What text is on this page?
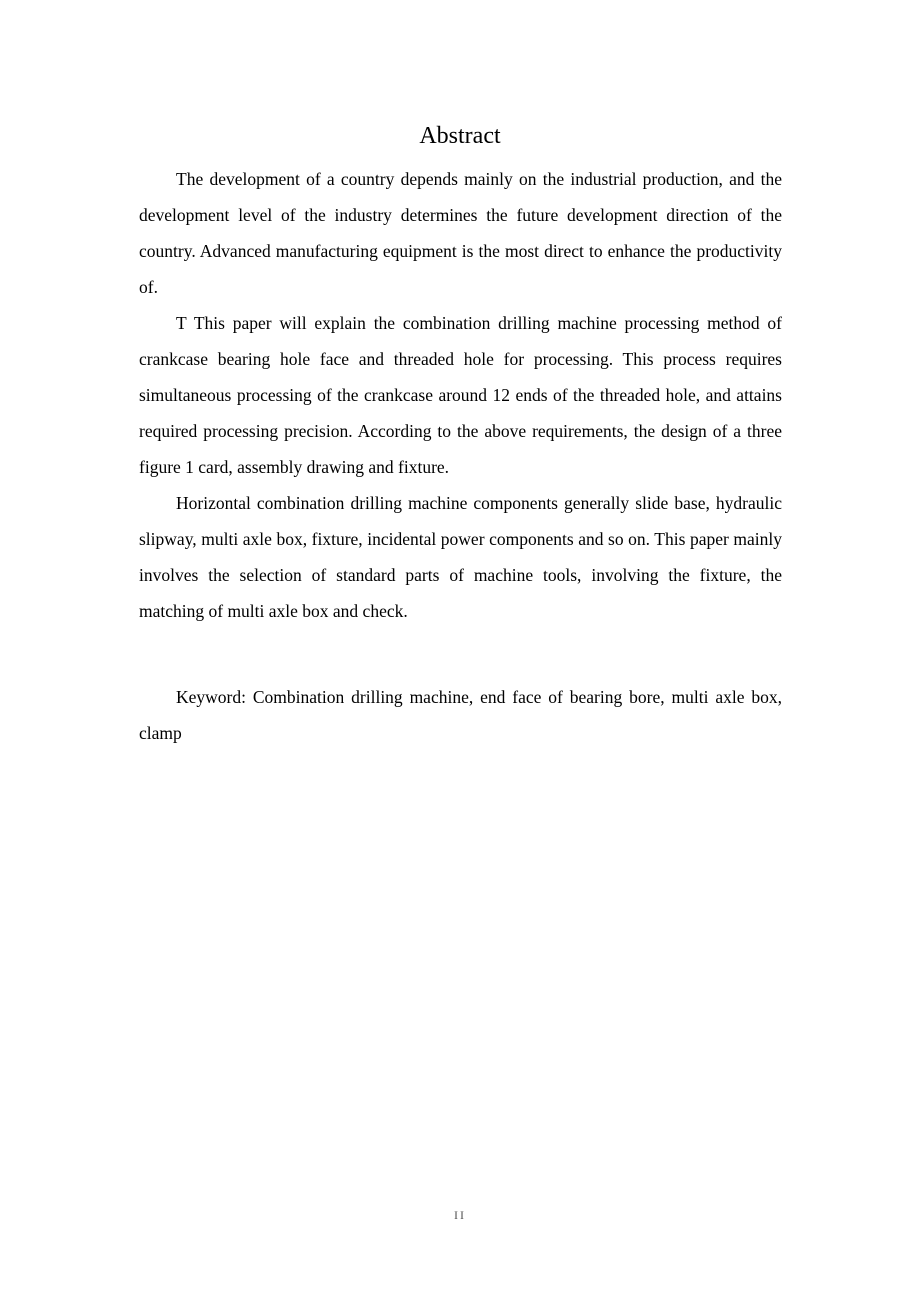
Abstract

The development of a country depends mainly on the industrial production, and the development level of the industry determines the future development direction of the country. Advanced manufacturing equipment is the most direct to enhance the productivity of.

T This paper will explain the combination drilling machine processing method of crankcase bearing hole face and threaded hole for processing. This process requires simultaneous processing of the crankcase around 12 ends of the threaded hole, and attains required processing precision. According to the above requirements, the design of a three figure 1 card, assembly drawing and fixture.

Horizontal combination drilling machine components generally slide base, hydraulic slipway, multi axle box, fixture, incidental power components and so on. This paper mainly involves the selection of standard parts of machine tools, involving the fixture, the matching of multi axle box and check.

Keyword: Combination drilling machine, end face of bearing bore, multi axle box, clamp

II
